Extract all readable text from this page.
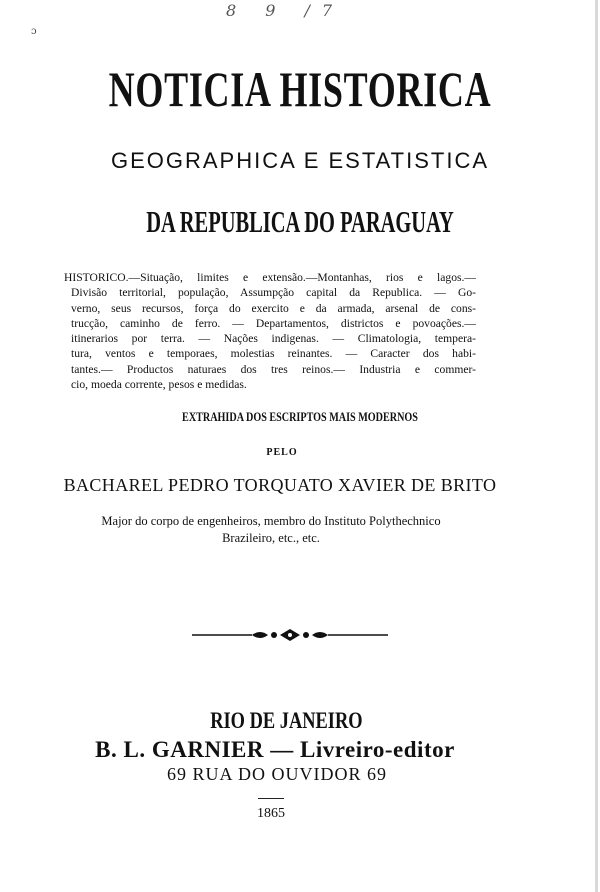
8 9 /7
ɔ
NOTICIA HISTORICA
GEOGRAPHICA E ESTATISTICA
DA REPUBLICA DO PARAGUAY
HISTORICO.—Situação, limites e extensão.—Montanhas, rios e lagos.—
Divisão territorial, população, Assumpção capital da Republica. — Go-
verno, seus recursos, força do exercito e da armada, arsenal de cons-
trucção, caminho de ferro. — Departamentos, districtos e povoações.—
itinerarios por terra. — Nações indigenas. — Climatologia, tempera-
tura, ventos e temporaes, molestias reinantes. — Caracter dos habi-
tantes.— Productos naturaes dos tres reinos.— Industria e commer-
cio, moeda corrente, pesos e medidas.
EXTRAHIDA DOS ESCRIPTOS MAIS MODERNOS
PELO
BACHAREL PEDRO TORQUATO XAVIER DE BRITO
Major do corpo de engenheiros, membro do Instituto Polythechnico
Brazileiro, etc., etc.
RIO DE JANEIRO
B. L. GARNIER — Livreiro-editor
69 RUA DO OUVIDOR 69
1865
